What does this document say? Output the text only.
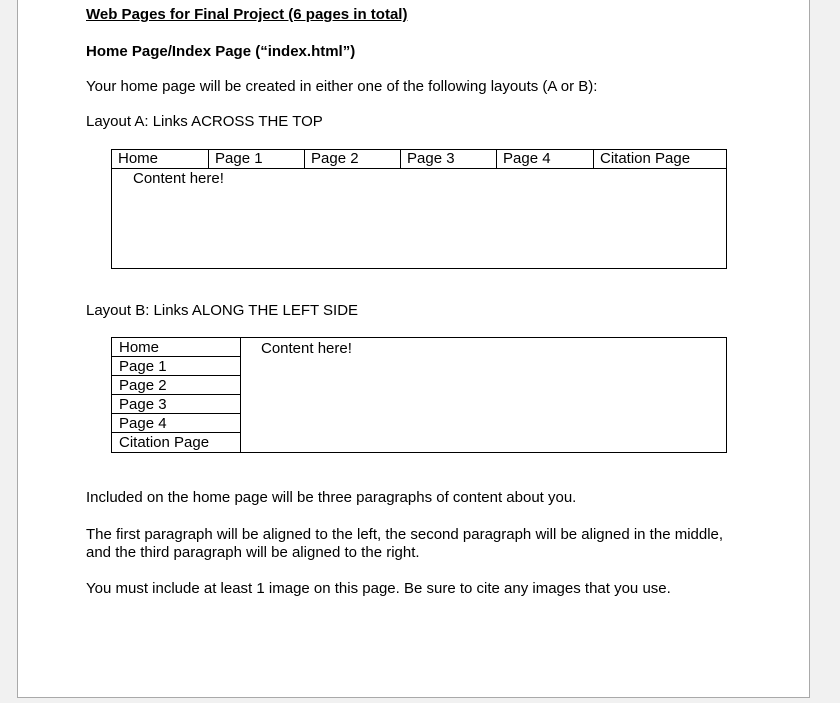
Web Pages for Final Project (6 pages in total)
Home Page/Index Page (“index.html”)
Your home page will be created in either one of the following layouts (A or B):
Layout A: Links ACROSS THE TOP
Home	Page 1	Page 2	Page 3	Page 4	Citation Page
Content here!
Layout B: Links ALONG THE LEFT SIDE
Home
Page 1
Page 2
Page 3
Page 4
Citation Page
Content here!
Included on the home page will be three paragraphs of content about you.
The first paragraph will be aligned to the left, the second paragraph will be aligned in the middle,
and the third paragraph will be aligned to the right.
You must include at least 1 image on this page. Be sure to cite any images that you use.
